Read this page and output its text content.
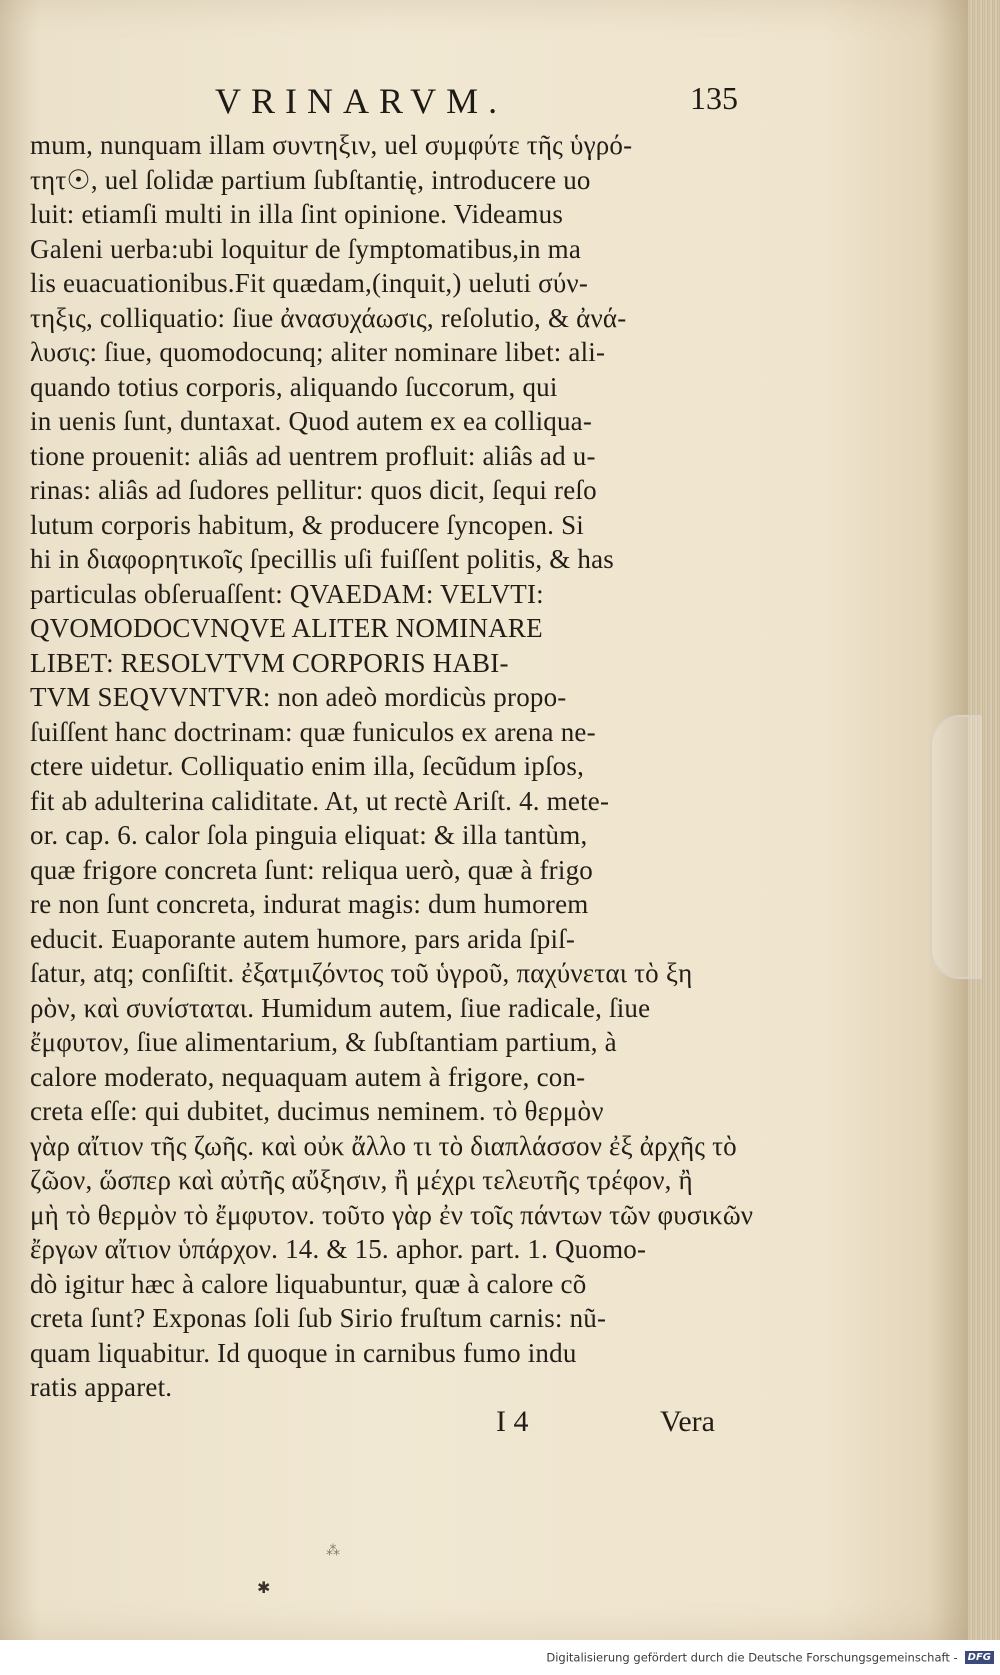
VRINARVM.	135
mum, nunquam illam συντηξιν, uel συμφύτε τῆς ὑγρό-
τητ☉, uel ſolidæ partium ſubſtantię, introducere uo
luit: etiamſi multi in illa ſint opinione. Videamus
Galeni uerba:ubi loquitur de ſymptomatibus,in ma
lis euacuationibus.Fit quædam,(inquit,) ueluti σύν-
τηξις, colliquatio: ſiue ἀνασυχάωσις, reſolutio, & ἀνά-
λυσις: ſiue, quomodocunq; aliter nominare libet: ali-
quando totius corporis, aliquando ſuccorum, qui
in uenis ſunt, duntaxat. Quod autem ex ea colliqua-
tione prouenit: aliâs ad uentrem profluit: aliâs ad u-
rinas: aliâs ad ſudores pellitur: quos dicit, ſequi reſo
lutum corporis habitum, & producere ſyncopen. Si
hi in διαφορητικοῖς ſpecillis uſi fuiſſent politis, & has
particulas obſeruaſſent: QVAEDAM: VELVTI:
QVOMODOCVNQVE ALITER NOMINARE
LIBET: RESOLVTVM CORPORIS HABI-
TVM SEQVVNTVR: non adeò mordicùs propo-
ſuiſſent hanc doctrinam: quæ funiculos ex arena ne-
ctere uidetur. Colliquatio enim illa, ſecũdum ipſos,
fit ab adulterina caliditate. At, ut rectè Ariſt. 4. mete-
or. cap. 6. calor ſola pinguia eliquat: & illa tantùm,
quæ frigore concreta ſunt: reliqua uerò, quæ à frigo
re non ſunt concreta, indurat magis: dum humorem
educit. Euaporante autem humore, pars arida ſpiſ-
ſatur, atq; conſiſtit. ἐξατμιζόντος τοῦ ὑγροῦ, παχύνεται τὸ ξη
ρὸν, καὶ συνίσταται. Humidum autem, ſiue radicale, ſiue
ἔμφυτον, ſiue alimentarium, & ſubſtantiam partium, à
calore moderato, nequaquam autem à frigore, con-
creta eſſe: qui dubitet, ducimus neminem. τὸ θερμὸν
γὰρ αἴτιον τῆς ζωῆς. καὶ οὐκ ἄλλο τι τὸ διαπλάσσον ἐξ ἀρχῆς τὸ
ζῶον, ὥσπερ καὶ αὐτῆς αὔξησιν, ἢ μέχρι τελευτῆς τρέφον, ἢ
μὴ τὸ θερμὸν τὸ ἔμφυτον. τοῦτο γὰρ ἐν τοῖς πάντων τῶν φυσικῶν
ἔργων αἴτιον ὑπάρχον. 14. & 15. aphor. part. 1. Quomo-
dò igitur hæc à calore liquabuntur, quæ à calore cõ
creta ſunt? Exponas ſoli ſub Sirio fruſtum carnis: nũ-
quam liquabitur. Id quoque in carnibus fumo indu
ratis apparet.
I 4	Vera
⁂
✱
Digitalisierung gefördert durch die Deutsche Forschungsgemeinschaft - DFG
